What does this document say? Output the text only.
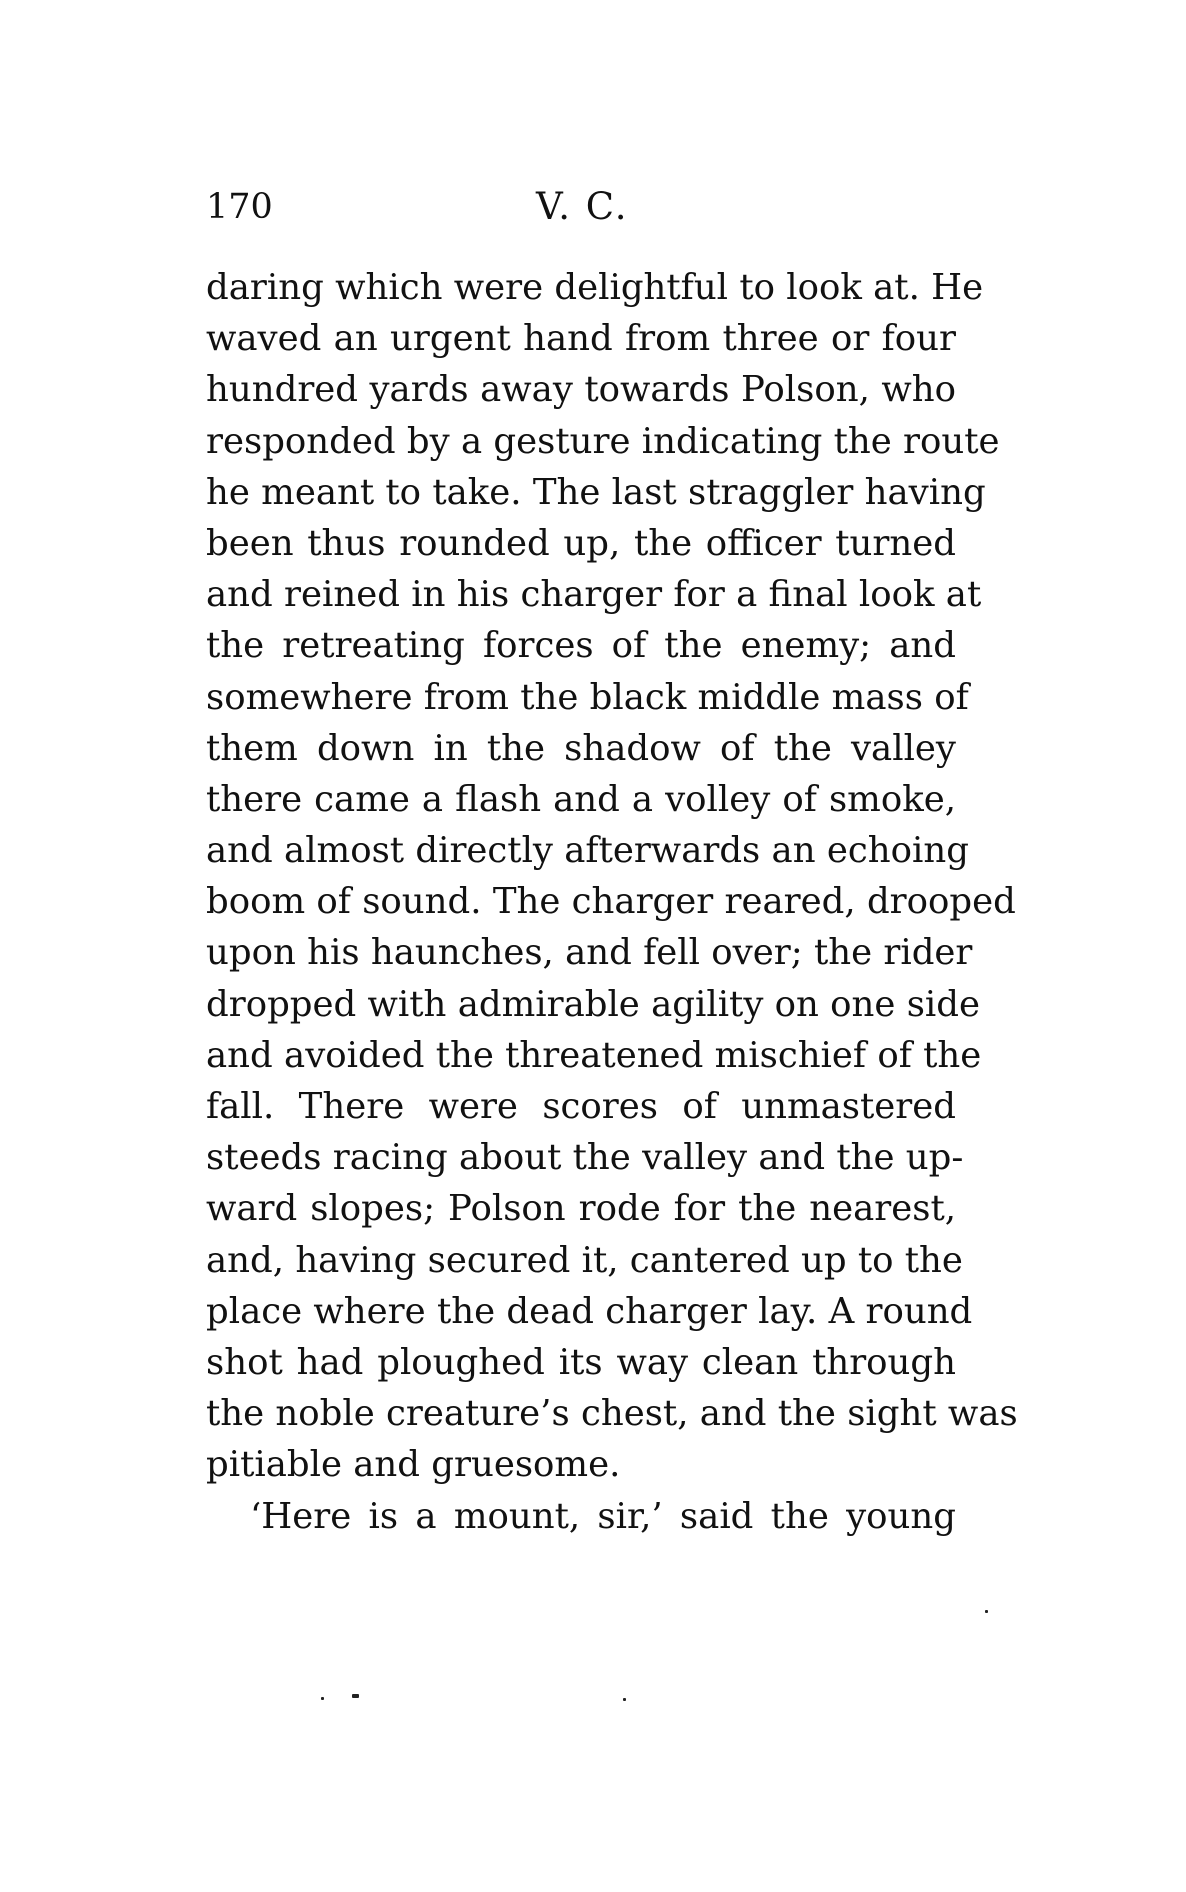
170	V. C.
daring which were delightful to look at. He
waved an urgent hand from three or four
hundred yards away towards Polson, who
responded by a gesture indicating the route
he meant to take. The last straggler having
been thus rounded up, the officer turned
and reined in his charger for a final look at
the retreating forces of the enemy; and
somewhere from the black middle mass of
them down in the shadow of the valley
there came a flash and a volley of smoke,
and almost directly afterwards an echoing
boom of sound. The charger reared, drooped
upon his haunches, and fell over; the rider
dropped with admirable agility on one side
and avoided the threatened mischief of the
fall. There were scores of unmastered
steeds racing about the valley and the up-
ward slopes; Polson rode for the nearest,
and, having secured it, cantered up to the
place where the dead charger lay. A round
shot had ploughed its way clean through
the noble creature’s chest, and the sight was
pitiable and gruesome.
‘Here is a mount, sir,’ said the young
